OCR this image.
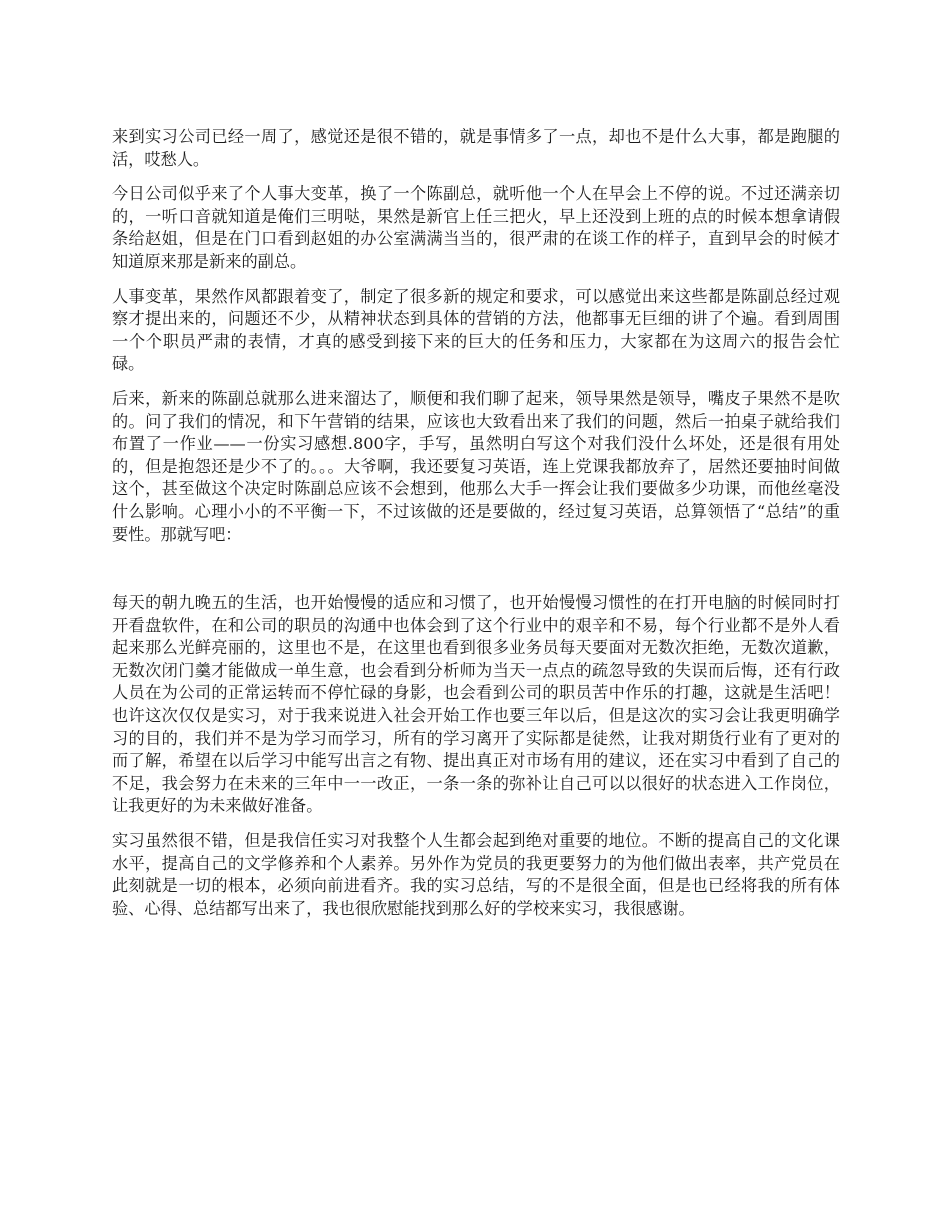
来到实习公司已经一周了，感觉还是很不错的，就是事情多了一点，却也不是什么大事，都是跑腿的活，哎愁人。

今日公司似乎来了个人事大变革，换了一个陈副总，就听他一个人在早会上不停的说。不过还满亲切的，一听口音就知道是俺们三明哒，果然是新官上任三把火，早上还没到上班的点的时候本想拿请假条给赵姐，但是在门口看到赵姐的办公室满满当当的，很严肃的在谈工作的样子，直到早会的时候才知道原来那是新来的副总。

人事变革，果然作风都跟着变了，制定了很多新的规定和要求，可以感觉出来这些都是陈副总经过观察才提出来的，问题还不少，从精神状态到具体的营销的方法，他都事无巨细的讲了个遍。看到周围一个个职员严肃的表情，才真的感受到接下来的巨大的任务和压力，大家都在为这周六的报告会忙碌。

后来，新来的陈副总就那么进来溜达了，顺便和我们聊了起来，领导果然是领导，嘴皮子果然不是吹的。问了我们的情况，和下午营销的结果，应该也大致看出来了我们的问题，然后一拍桌子就给我们布置了一作业——一份实习感想.800字，手写，虽然明白写这个对我们没什么坏处，还是很有用处的，但是抱怨还是少不了的。。。大爷啊，我还要复习英语，连上党课我都放弃了，居然还要抽时间做这个，甚至做这个决定时陈副总应该不会想到，他那么大手一挥会让我们要做多少功课，而他丝毫没什么影响。心理小小的不平衡一下，不过该做的还是要做的，经过复习英语，总算领悟了“总结”的重要性。那就写吧：

每天的朝九晚五的生活，也开始慢慢的适应和习惯了，也开始慢慢习惯性的在打开电脑的时候同时打开看盘软件，在和公司的职员的沟通中也体会到了这个行业中的艰辛和不易，每个行业都不是外人看起来那么光鲜亮丽的，这里也不是，在这里也看到很多业务员每天要面对无数次拒绝，无数次道歉，无数次闭门羹才能做成一单生意，也会看到分析师为当天一点点的疏忽导致的失误而后悔，还有行政人员在为公司的正常运转而不停忙碌的身影，也会看到公司的职员苦中作乐的打趣，这就是生活吧！也许这次仅仅是实习，对于我来说进入社会开始工作也要三年以后，但是这次的实习会让我更明确学习的目的，我们并不是为学习而学习，所有的学习离开了实际都是徒然，让我对期货行业有了更对的而了解，希望在以后学习中能写出言之有物、提出真正对市场有用的建议，还在实习中看到了自己的不足，我会努力在未来的三年中一一改正，一条一条的弥补让自己可以以很好的状态进入工作岗位，让我更好的为未来做好准备。

实习虽然很不错，但是我信任实习对我整个人生都会起到绝对重要的地位。不断的提高自己的文化课水平，提高自己的文学修养和个人素养。另外作为党员的我更要努力的为他们做出表率，共产党员在此刻就是一切的根本，必须向前进看齐。我的实习总结，写的不是很全面，但是也已经将我的所有体验、心得、总结都写出来了，我也很欣慰能找到那么好的学校来实习，我很感谢。
